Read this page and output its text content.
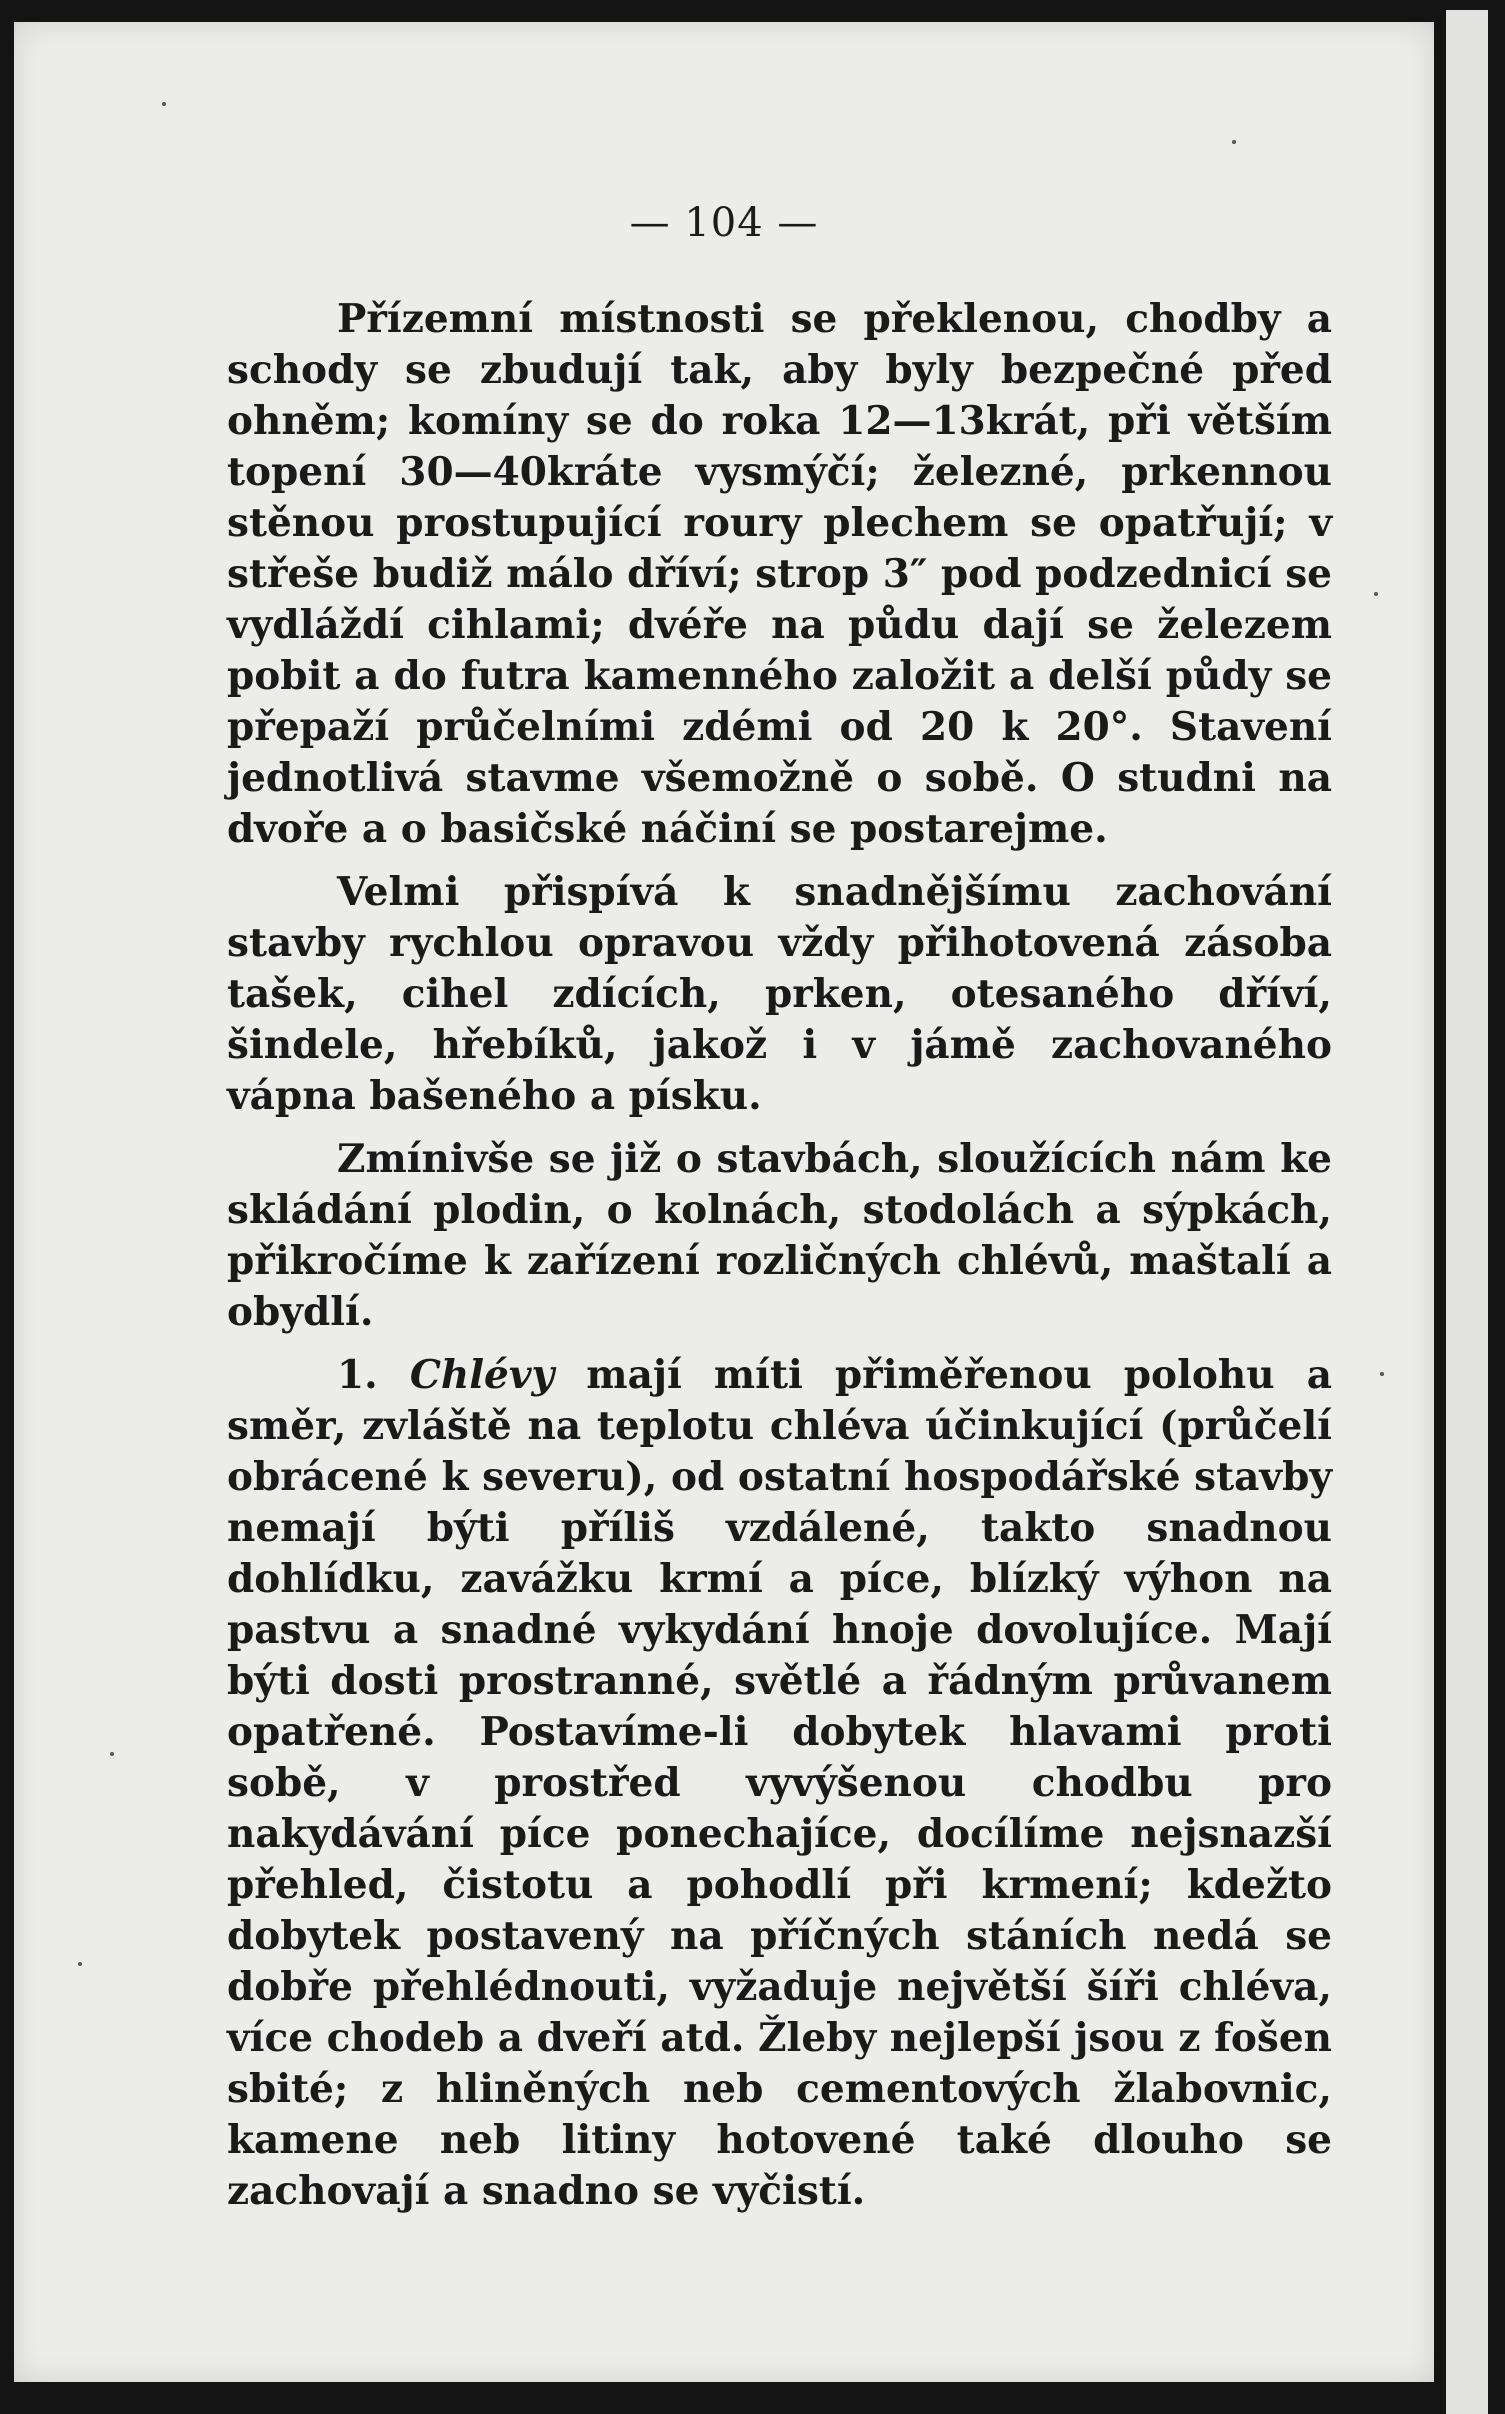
— 104 —

Přízemní místnosti se překlenou, chodby a schody se zbudují tak, aby byly bezpečné před ohněm; komíny se do roka 12—13krát, při větším topení 30—40kráte vysmýčí; železné, prkennou stěnou prostupující roury plechem se opatřují; v střeše budiž málo dříví; strop 3″ pod podzednicí se vydláždí cihlami; dvéře na půdu dají se železem pobit a do futra kamenného založit a delší půdy se přepaží průčelními zdémi od 20 k 20°. Stavení jednotlivá stavme všemožně o sobě. O studni na dvoře a o basičské náčiní se postarejme.

Velmi přispívá k snadnějšímu zachování stavby rychlou opravou vždy přihotovená zásoba tašek, cihel zdících, prken, otesaného dříví, šindele, hřebíků, jakož i v jámě zachovaného vápna bašeného a písku.

Zmínivše se již o stavbách, sloužících nám ke skládání plodin, o kolnách, stodolách a sýpkách, přikročíme k zařízení rozličných chlévů, maštalí a obydlí.

1. Chlévy mají míti přiměřenou polohu a směr, zvláště na teplotu chléva účinkující (průčelí obrácené k severu), od ostatní hospodářské stavby nemají býti příliš vzdálené, takto snadnou dohlídku, zavážku krmí a píce, blízký výhon na pastvu a snadné vykydání hnoje dovolujíce. Mají býti dosti prostranné, světlé a řádným průvanem opatřené. Postavíme-li dobytek hlavami proti sobě, v prostřed vyvýšenou chodbu pro nakydávání píce ponechajíce, docílíme nejsnazší přehled, čistotu a pohodlí při krmení; kdežto dobytek postavený na příčných stáních nedá se dobře přehlédnouti, vyžaduje největší šíři chléva, více chodeb a dveří atd. Žleby nejlepší jsou z fošen sbité; z hliněných neb cementových žlabovnic, kamene neb litiny hotovené také dlouho se zachovají a snadno se vyčistí.
